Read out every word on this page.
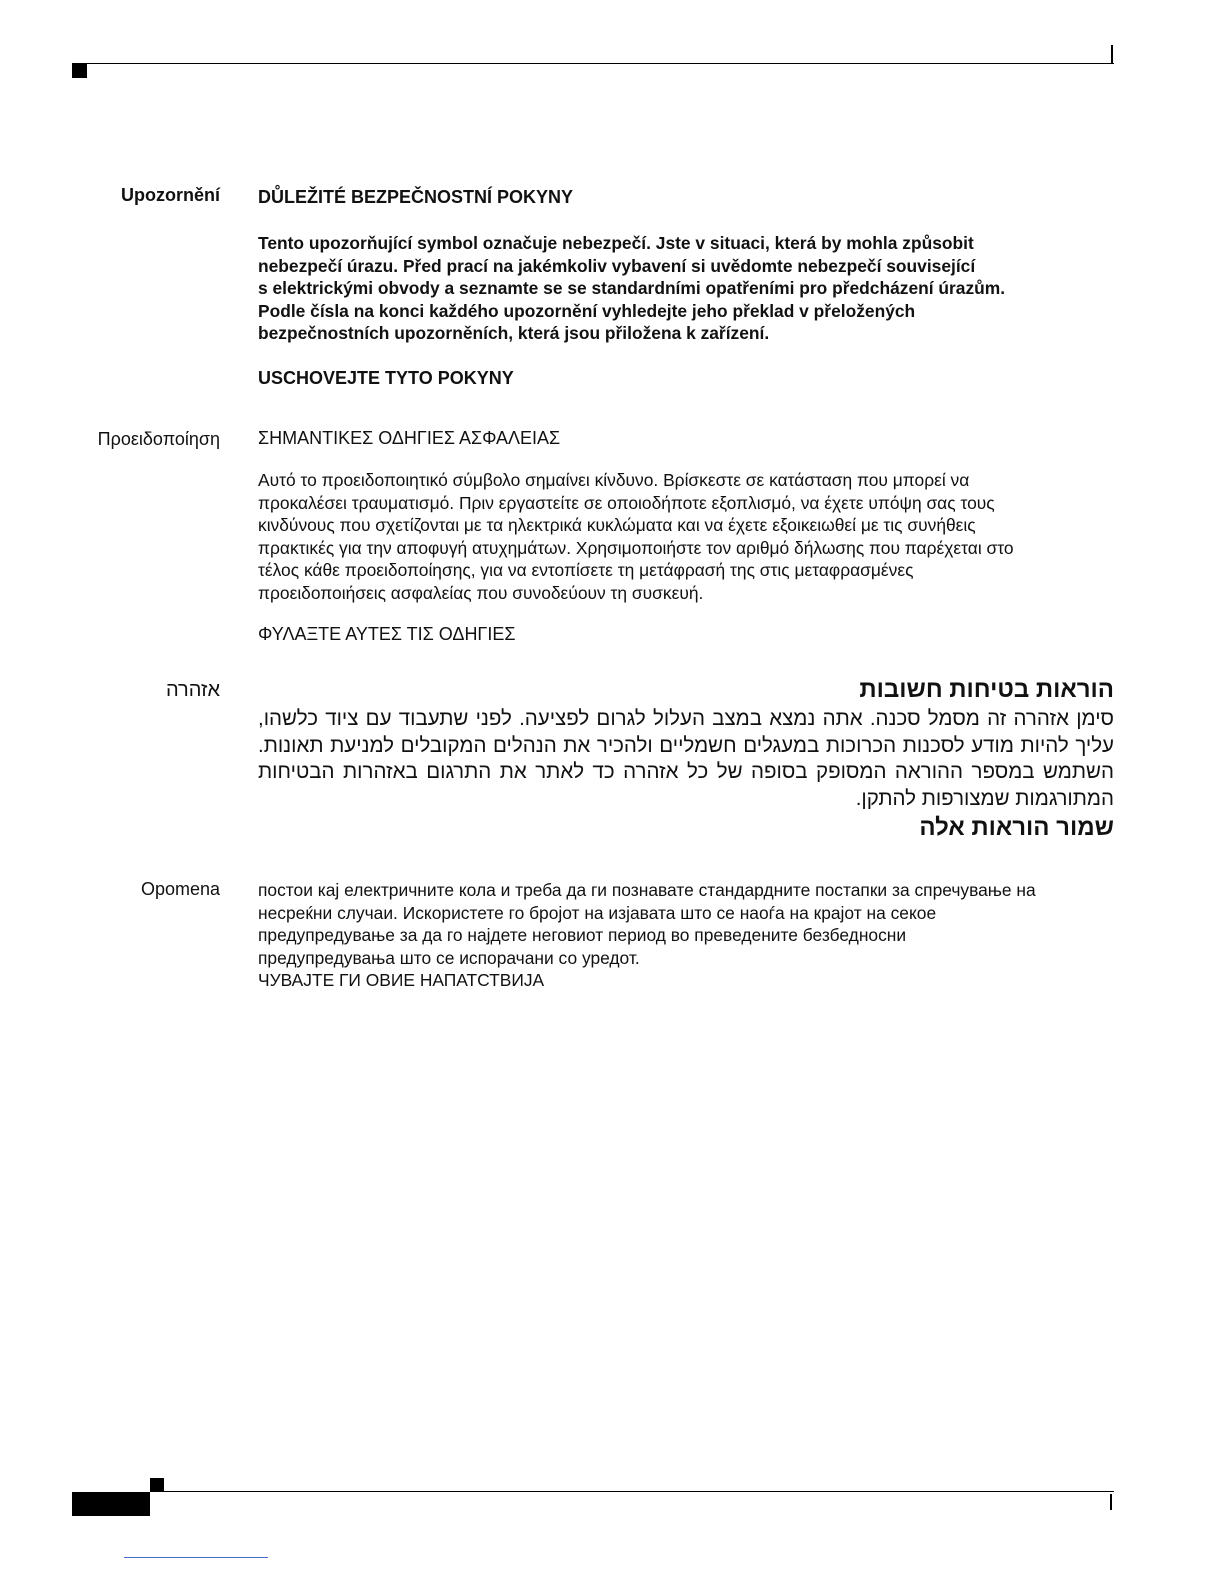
Upozornění DŮLEŽITÉ BEZPEČNOSTNÍ POKYNY

Tento upozorňující symbol označuje nebezpečí. Jste v situaci, která by mohla způsobit

nebezpečí úrazu. Před prací na jakémkoliv vybavení si uvědomte nebezpečí související

s elektrickými obvody a seznamte se se standardními opatřeními pro předcházení úrazům.

Podle čísla na konci každého upozornění vyhledejte jeho překlad v přeložených

bezpečnostních upozorněních, která jsou přiložena k zařízení.

USCHOVEJTE TYTO POKYNY

Προειδοποίηση ΣΗΜΑΝΤΙΚΕΣ ΟΔΗΓΙΕΣ ΑΣΦΑΛΕΙΑΣ

Αυτό το προειδοποιητικό σύμβολο σημαίνει κίνδυνο. Βρίσκεστε σε κατάσταση που μπορεί να

προκαλέσει τραυματισμό. Πριν εργαστείτε σε οποιοδήποτε εξοπλισμό, να έχετε υπόψη σας τους

κινδύνους που σχετίζονται με τα ηλεκτρικά κυκλώματα και να έχετε εξοικειωθεί με τις συνήθεις

πρακτικές για την αποφυγή ατυχημάτων. Χρησιμοποιήστε τον αριθμό δήλωσης που παρέχεται στο

τέλος κάθε προειδοποίησης, για να εντοπίσετε τη μετάφρασή της στις μεταφρασμένες

προειδοποιήσεις ασφαλείας που συνοδεύουν τη συσκευή.

ΦΥΛΑΞΤΕ ΑΥΤΕΣ ΤΙΣ ΟΔΗΓΙΕΣ

אזהרה	הוראות בטיחות חשובות

סימן אזהרה זה מסמל סכנה. אתה נמצא במצב העלול לגרום לפציעה. לפני שתעבוד עם ציוד כלשהו, עליך להיות מודע לסכנות הכרוכות במעגלים חשמליים ולהכיר את הנהלים המקובלים למניעת תאונות. השתמש במספר ההוראה המסופק בסופה של כל אזהרה כד לאתר את התרגום באזהרות הבטיחות המתורגמות שמצורפות להתקן.

שמור הוראות אלה

Opomena постои кај електричните кола и треба да ги познавате стандардните постапки за спречување на

несреќни случаи. Искористете го бројот на изјавата што се наоѓа на крајот на секое

предупредување за да го најдете неговиот период во преведените безбедносни

предупредувања што се испорачани со уредот.

ЧУВАЈТЕ ГИ ОВИЕ НАПАТСТВИЈА
